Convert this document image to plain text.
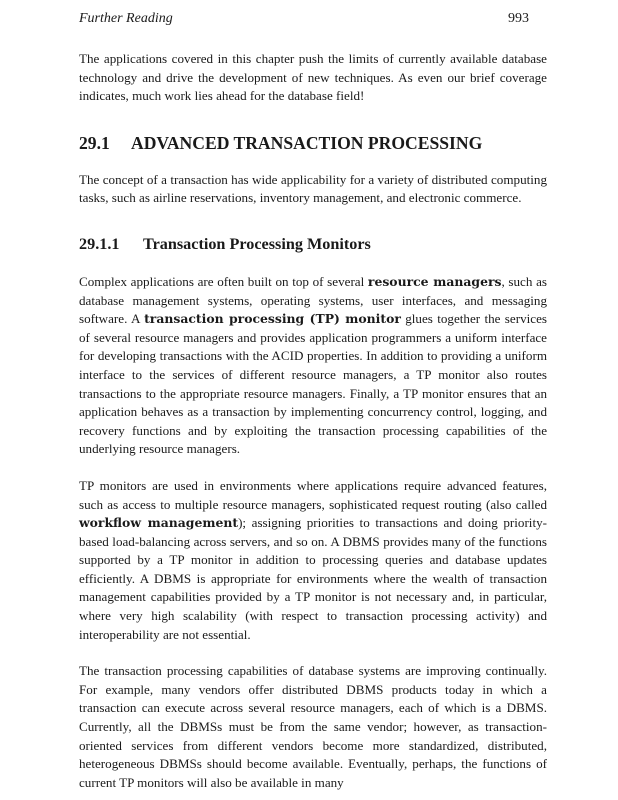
Further Reading	993

The applications covered in this chapter push the limits of currently available database technology and drive the development of new techniques. As even our brief coverage indicates, much work lies ahead for the database field!

29.1 ADVANCED TRANSACTION PROCESSING

The concept of a transaction has wide applicability for a variety of distributed computing tasks, such as airline reservations, inventory management, and electronic commerce.

29.1.1 Transaction Processing Monitors

Complex applications are often built on top of several resource managers, such as database management systems, operating systems, user interfaces, and messaging software. A transaction processing (TP) monitor glues together the services of several resource managers and provides application programmers a uniform interface for developing transactions with the ACID properties. In addition to providing a uniform interface to the services of different resource managers, a TP monitor also routes transactions to the appropriate resource managers. Finally, a TP monitor ensures that an application behaves as a transaction by implementing concurrency control, logging, and recovery functions and by exploiting the transaction processing capabilities of the underlying resource managers.

TP monitors are used in environments where applications require advanced features, such as access to multiple resource managers, sophisticated request routing (also called workflow management); assigning priorities to transactions and doing priority-based load-balancing across servers, and so on. A DBMS provides many of the functions supported by a TP monitor in addition to processing queries and database updates efficiently. A DBMS is appropriate for environments where the wealth of transaction management capabilities provided by a TP monitor is not necessary and, in particular, where very high scalability (with respect to transaction processing activity) and interoperability are not essential.

The transaction processing capabilities of database systems are improving continually. For example, many vendors offer distributed DBMS products today in which a transaction can execute across several resource managers, each of which is a DBMS. Currently, all the DBMSs must be from the same vendor; however, as transaction-oriented services from different vendors become more standardized, distributed, heterogeneous DBMSs should become available. Eventually, perhaps, the functions of current TP monitors will also be available in many
